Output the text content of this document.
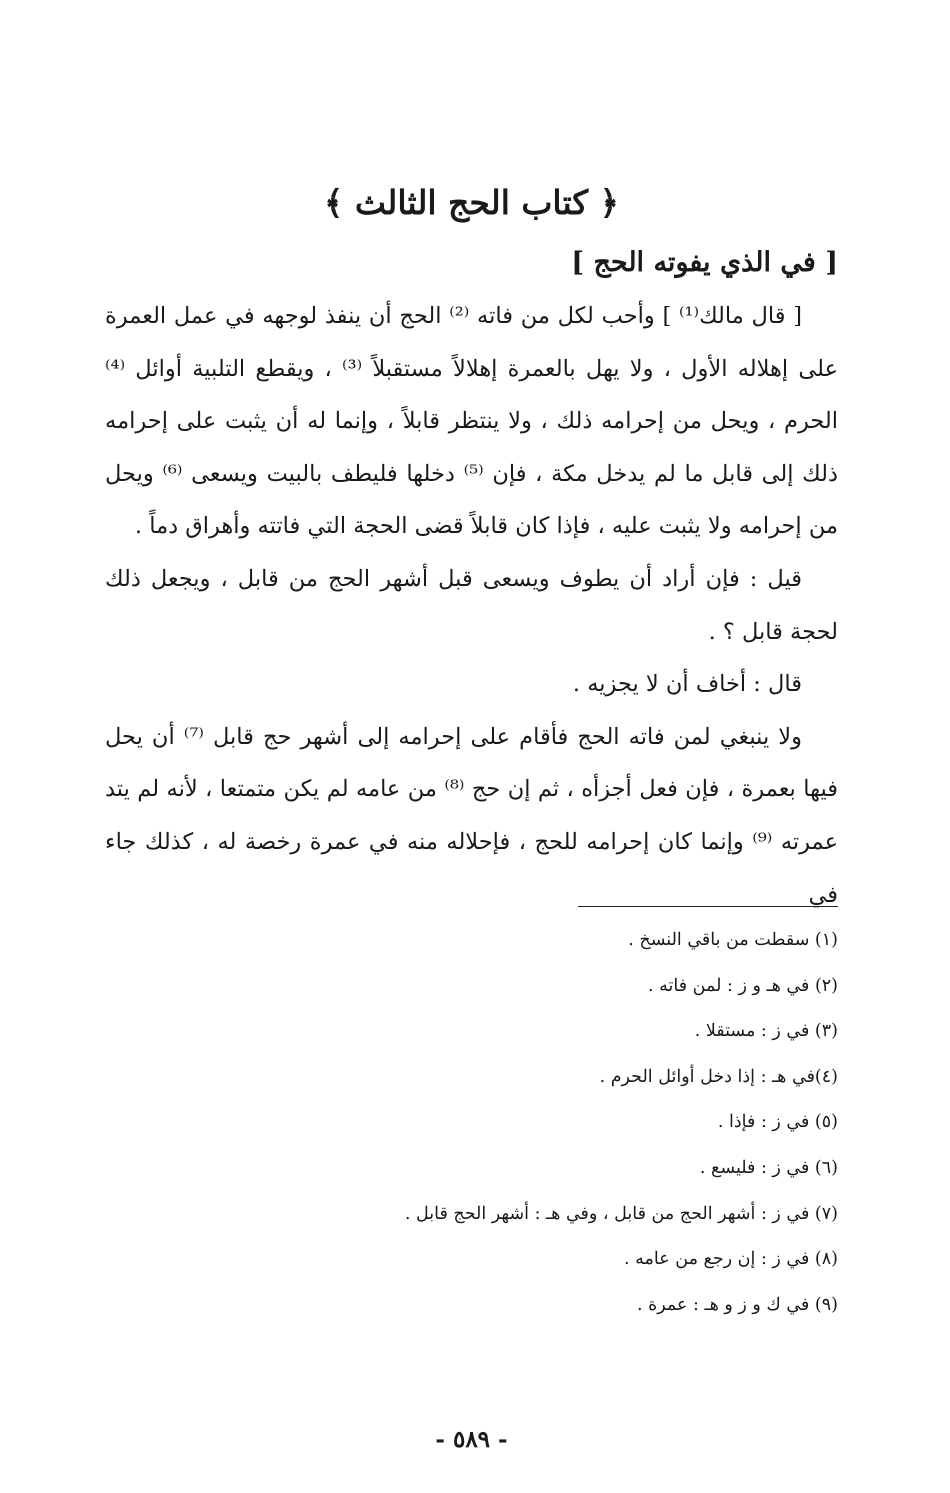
﴿ كتاب الحج الثالث ﴾
[ في الذي يفوته الحج ]

[ قال مالك⁽¹⁾ ] وأحب لكل من فاته ⁽²⁾ الحج أن ينفذ لوجهه في عمل العمرة على إهلاله الأول ، ولا يهل بالعمرة إهلالاً مستقبلاً ⁽³⁾ ، ويقطع التلبية أوائل ⁽⁴⁾ الحرم ، ويحل من إحرامه ذلك ، ولا ينتظر قابلاً ، وإنما له أن يثبت على إحرامه ذلك إلى قابل ما لم يدخل مكة ، فإن ⁽⁵⁾ دخلها فليطف بالبيت ويسعى ⁽⁶⁾ ويحل من إحرامه ولا يثبت عليه ، فإذا كان قابلاً قضى الحجة التي فاتته وأهراق دماً .

قيل : فإن أراد أن يطوف ويسعى قبل أشهر الحج من قابل ، ويجعل ذلك لحجة قابل ؟ .

قال : أخاف أن لا يجزيه .

ولا ينبغي لمن فاته الحج فأقام على إحرامه إلى أشهر حج قابل ⁽⁷⁾ أن يحل فيها بعمرة ، فإن فعل أجزأه ، ثم إن حج ⁽⁸⁾ من عامه لم يكن متمتعا ، لأنه لم يتد عمرته ⁽⁹⁾ وإنما كان إحرامه للحج ، فإحلاله منه في عمرة رخصة له ، كذلك جاء في

(١) سقطت من باقي النسخ .
(٢) في هـ و ز : لمن فاته .
(٣) في ز : مستقلا .
(٤)في هـ : إذا دخل أوائل الحرم .
(٥) في ز : فإذا .
(٦) في ز : فليسع .
(٧) في ز : أشهر الحج من قابل ، وفي هـ : أشهر الحج قابل .
(٨) في ز : إن رجع من عامه .
(٩) في ك و ز و هـ : عمرة .
- ٥٨٩ -
